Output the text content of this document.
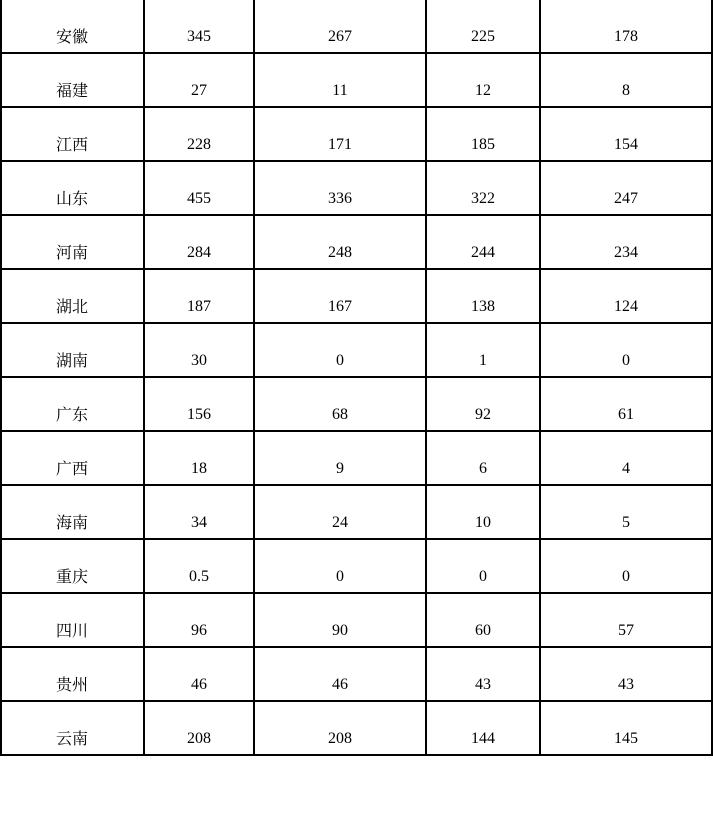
安徽	345	267	225	178
福建	27	11	12	8
江西	228	171	185	154
山东	455	336	322	247
河南	284	248	244	234
湖北	187	167	138	124
湖南	30	0	1	0
广东	156	68	92	61
广西	18	9	6	4
海南	34	24	10	5
重庆	0.5	0	0	0
四川	96	90	60	57
贵州	46	46	43	43
云南	208	208	144	145
